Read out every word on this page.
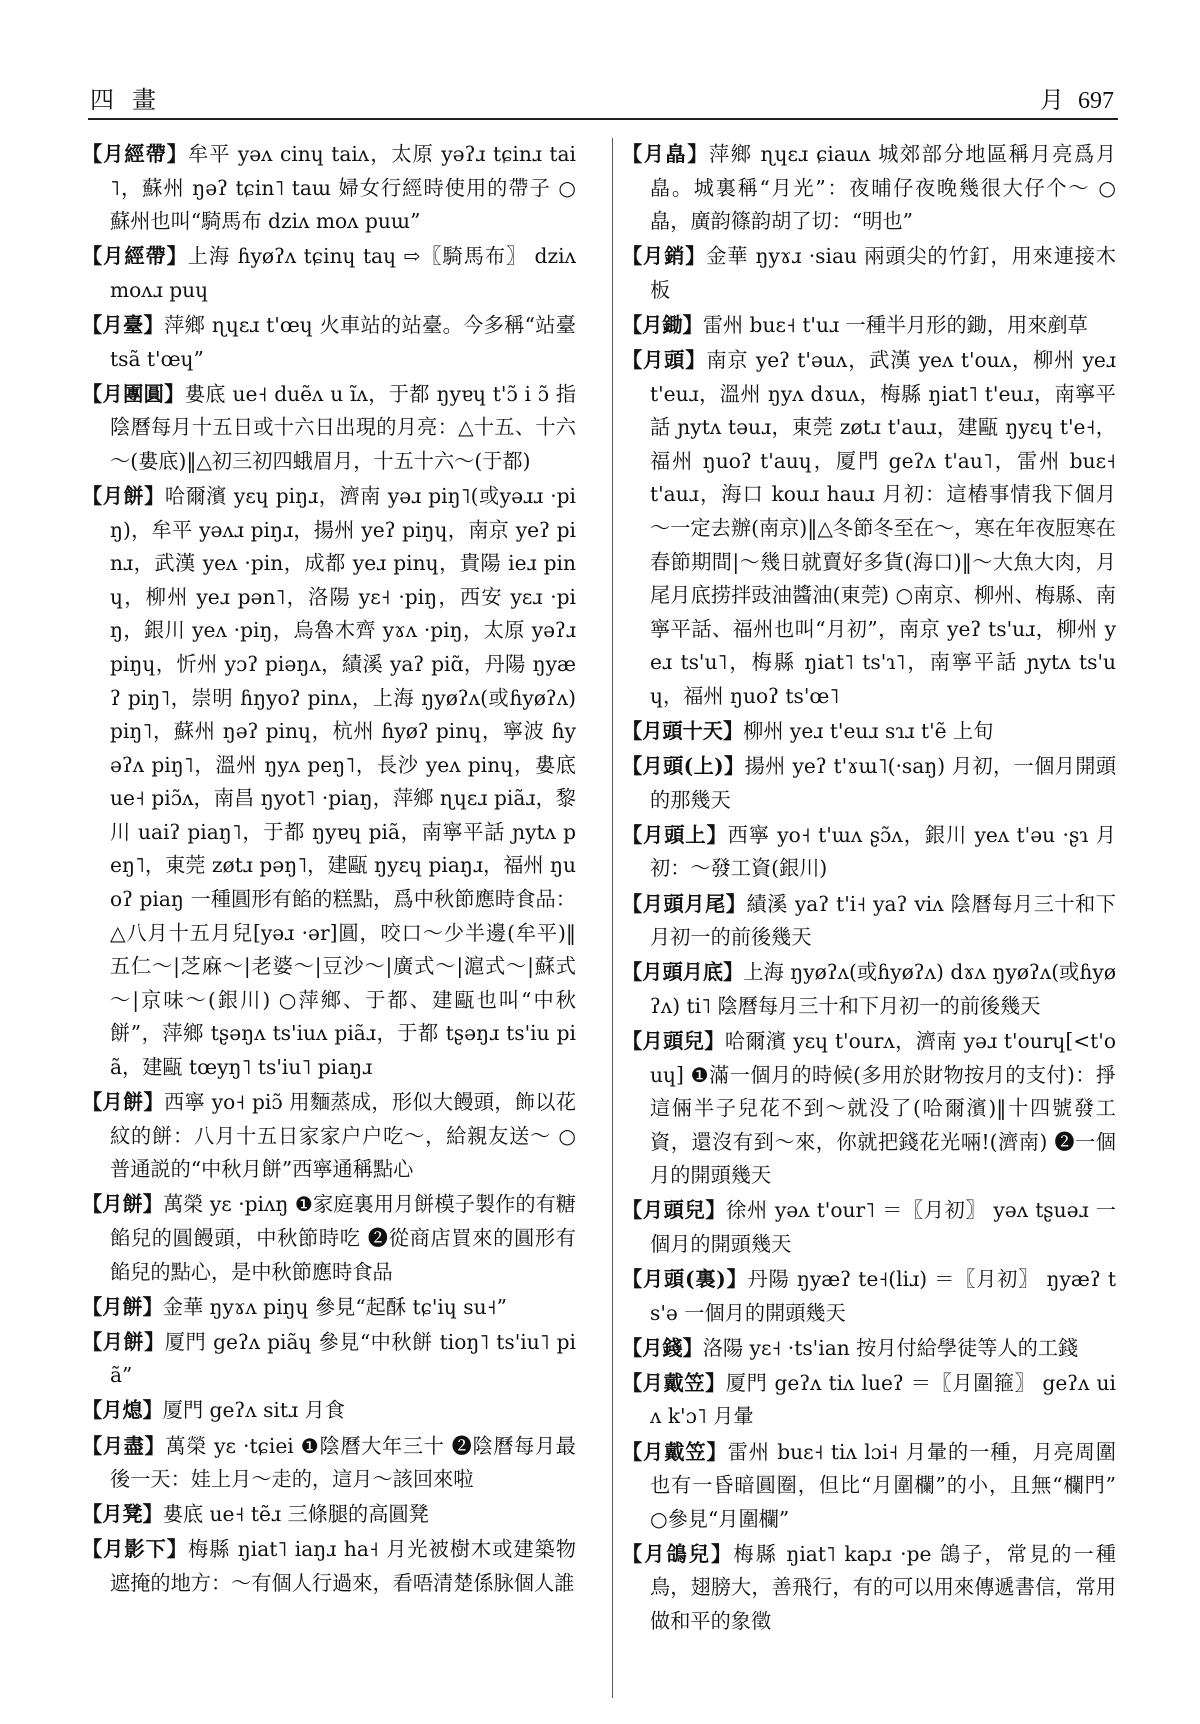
四畫	月 697

【月經帶】牟平 yəʌ cinɥ taiʌ，太原 yəʔɹ tɕinɹ tai˥，蘇州 ŋəʔ tɕin˥ taɯ 婦女行經時使用的帶子 ○蘇州也叫“騎馬布 dziʌ moʌ puɯ”

【月經帶】上海 ɦyøʔʌ tɕinɥ taɥ ⇨〖騎馬布〗 dziʌ moʌɹ puɥ

【月臺】萍鄉 ɳɥɛɹ t'œɥ 火車站的站臺。今多稱“站臺 tsã t'œɥ”

【月團圓】婁底 ue˧ duẽʌ u ĩʌ，于都 ŋyɐɥ t'ɔ̃ i ɔ̃ 指陰曆每月十五日或十六日出現的月亮：△十五、十六～(婁底)‖△初三初四蛾眉月，十五十六～(于都)

【月餅】哈爾濱 yɛɥ piŋɹ，濟南 yəɹ piŋ˥(或yəɹɹ ·piŋ)，牟平 yəʌɹ piŋɹ，揚州 yeʔ piŋɥ，南京 yeʔ pinɹ，武漢 yeʌ ·pin，成都 yeɹ pinɥ，貴陽 ieɹ pinɥ，柳州 yeɹ pən˥，洛陽 yɛ˧ ·piŋ，西安 yɛɹ ·piŋ，銀川 yeʌ ·piŋ，烏魯木齊 yɤʌ ·piŋ，太原 yəʔɹ piŋɥ，忻州 yɔʔ piəŋʌ，績溪 yaʔ piɑ̃，丹陽 ŋyæʔ piŋ˥，崇明 ɦŋyoʔ pinʌ，上海 ŋyøʔʌ(或ɦyøʔʌ) piŋ˥，蘇州 ŋəʔ pinɥ，杭州 ɦyøʔ pinɥ，寧波 ɦyəʔʌ piŋ˥，溫州 ŋyʌ peŋ˥，長沙 yeʌ pinɥ，婁底 ue˧ piɔ̃ʌ，南昌 ŋyot˥ ·piaŋ，萍鄉 ɳɥɛɹ piãɹ，黎川 uaiʔ piaŋ˥，于都 ŋyɐɥ piã，南寧平話 ɲytʌ peŋ˥，東莞 zøtɹ pəŋ˥，建甌 ŋyɛɥ piaŋɹ，福州 ŋuoʔ piaŋ 一種圓形有餡的糕點，爲中秋節應時食品：△八月十五月兒[yəɹ ·ər]圓，咬口～少半邊(牟平)‖五仁～|芝麻～|老婆～|豆沙～|廣式～|滬式～|蘇式～|京味～(銀川) ○萍鄉、于都、建甌也叫“中秋餅”，萍鄉 tʂəŋʌ ts'iuʌ piãɹ，于都 tʂəŋɹ ts'iu piã，建甌 tœyŋ˥ ts'iu˥ piaŋɹ

【月餅】西寧 yo˧ piɔ̃ 用麵蒸成，形似大饅頭，飾以花紋的餅：八月十五日家家户户吃～，給親友送～ ○普通説的“中秋月餅”西寧通稱點心

【月餅】萬榮 yɛ ·piʌŋ ❶家庭裏用月餅模子製作的有糖餡兒的圓饅頭，中秋節時吃 ❷從商店買來的圓形有餡兒的點心，是中秋節應時食品

【月餅】金華 ŋyɤʌ piŋɥ 參見“起酥 tɕ'iɥ su˧”

【月餅】厦門 geʔʌ piãɥ 參見“中秋餅 tioŋ˥ ts'iu˥ piã”

【月熄】厦門 geʔʌ sitɹ 月食

【月盡】萬榮 yɛ ·tɕiei ❶陰曆大年三十 ❷陰曆每月最後一天：娃上月～走的，這月～該回來啦

【月凳】婁底 ue˧ tẽɹ 三條腿的高圓凳

【月影下】梅縣 ŋiat˥ iaŋɹ ha˧ 月光被樹木或建築物遮掩的地方：～有個人行過來，看唔清楚係脉個人誰

【月皛】萍鄉 ɳɥɛɹ ɕiauʌ 城郊部分地區稱月亮爲月皛。城裏稱“月光”：夜晡仔夜晚幾很大仔个～ ○皛，廣韵篠韵胡了切：“明也”

【月銷】金華 ŋyɤɹ ·siau 兩頭尖的竹釘，用來連接木板

【月鋤】雷州 buɛ˧ t'uɹ 一種半月形的鋤，用來剷草

【月頭】南京 yeʔ t'əuʌ，武漢 yeʌ t'ouʌ，柳州 yeɹ t'euɹ，溫州 ŋyʌ dɤuʌ，梅縣 ŋiat˥ t'euɹ，南寧平話 ɲytʌ təuɹ，東莞 zøtɹ t'auɹ，建甌 ŋyɛɥ t'e˧，福州 ŋuoʔ t'auɥ，厦門 geʔʌ t'au˥，雷州 buɛ˧ t'auɹ，海口 kouɹ hauɹ 月初：這樁事情我下個月～一定去辦(南京)‖△冬節冬至在～，寒在年夜脰寒在春節期間|～幾日就賣好多貨(海口)‖～大魚大肉，月尾月底捞拌豉油醬油(東莞) ○南京、柳州、梅縣、南寧平話、福州也叫“月初”，南京 yeʔ ts'uɹ，柳州 yeɹ ts'u˥，梅縣 ŋiat˥ ts'ɿ˥，南寧平話 ɲytʌ ts'uɥ，福州 ŋuoʔ ts'œ˥

【月頭十天】柳州 yeɹ t'euɹ sɿɹ t'ẽ 上旬

【月頭(上)】揚州 yeʔ t'ɤɯ˥(·saŋ) 月初，一個月開頭的那幾天

【月頭上】西寧 yo˧ t'ɯʌ ʂɔ̃ʌ，銀川 yeʌ t'əu ·ʂɿ 月初：～發工資(銀川)

【月頭月尾】績溪 yaʔ t'i˧ yaʔ viʌ 陰曆每月三十和下月初一的前後幾天

【月頭月底】上海 ŋyøʔʌ(或ɦyøʔʌ) dɤʌ ŋyøʔʌ(或ɦyøʔʌ) ti˥ 陰曆每月三十和下月初一的前後幾天

【月頭兒】哈爾濱 yɛɥ t'ourʌ，濟南 yəɹ t'ourɥ[<t'ouɥ] ❶滿一個月的時候(多用於財物按月的支付)：掙這倆半子兒花不到～就没了(哈爾濱)‖十四號發工資，還沒有到～來，你就把錢花光啢!(濟南) ❷一個月的開頭幾天

【月頭兒】徐州 yəʌ t'our˥ ＝〖月初〗 yəʌ tʂuəɹ 一個月的開頭幾天

【月頭(裏)】丹陽 ŋyæʔ te˧(liɹ) ＝〖月初〗 ŋyæʔ ts'ə 一個月的開頭幾天

【月錢】洛陽 yɛ˧ ·ts'ian 按月付給學徒等人的工錢

【月戴笠】厦門 geʔʌ tiʌ lueʔ ＝〖月圍箍〗 geʔʌ uiʌ k'ɔ˥ 月暈

【月戴笠】雷州 buɛ˧ tiʌ lɔi˧ 月暈的一種，月亮周圍也有一昏暗圓圈，但比“月圍欄”的小，且無“欄門” ○參見“月圍欄”

【月鴿兒】梅縣 ŋiat˥ kapɹ ·pe 鴿子，常見的一種鳥，翅膀大，善飛行，有的可以用來傳遞書信，常用做和平的象徵
